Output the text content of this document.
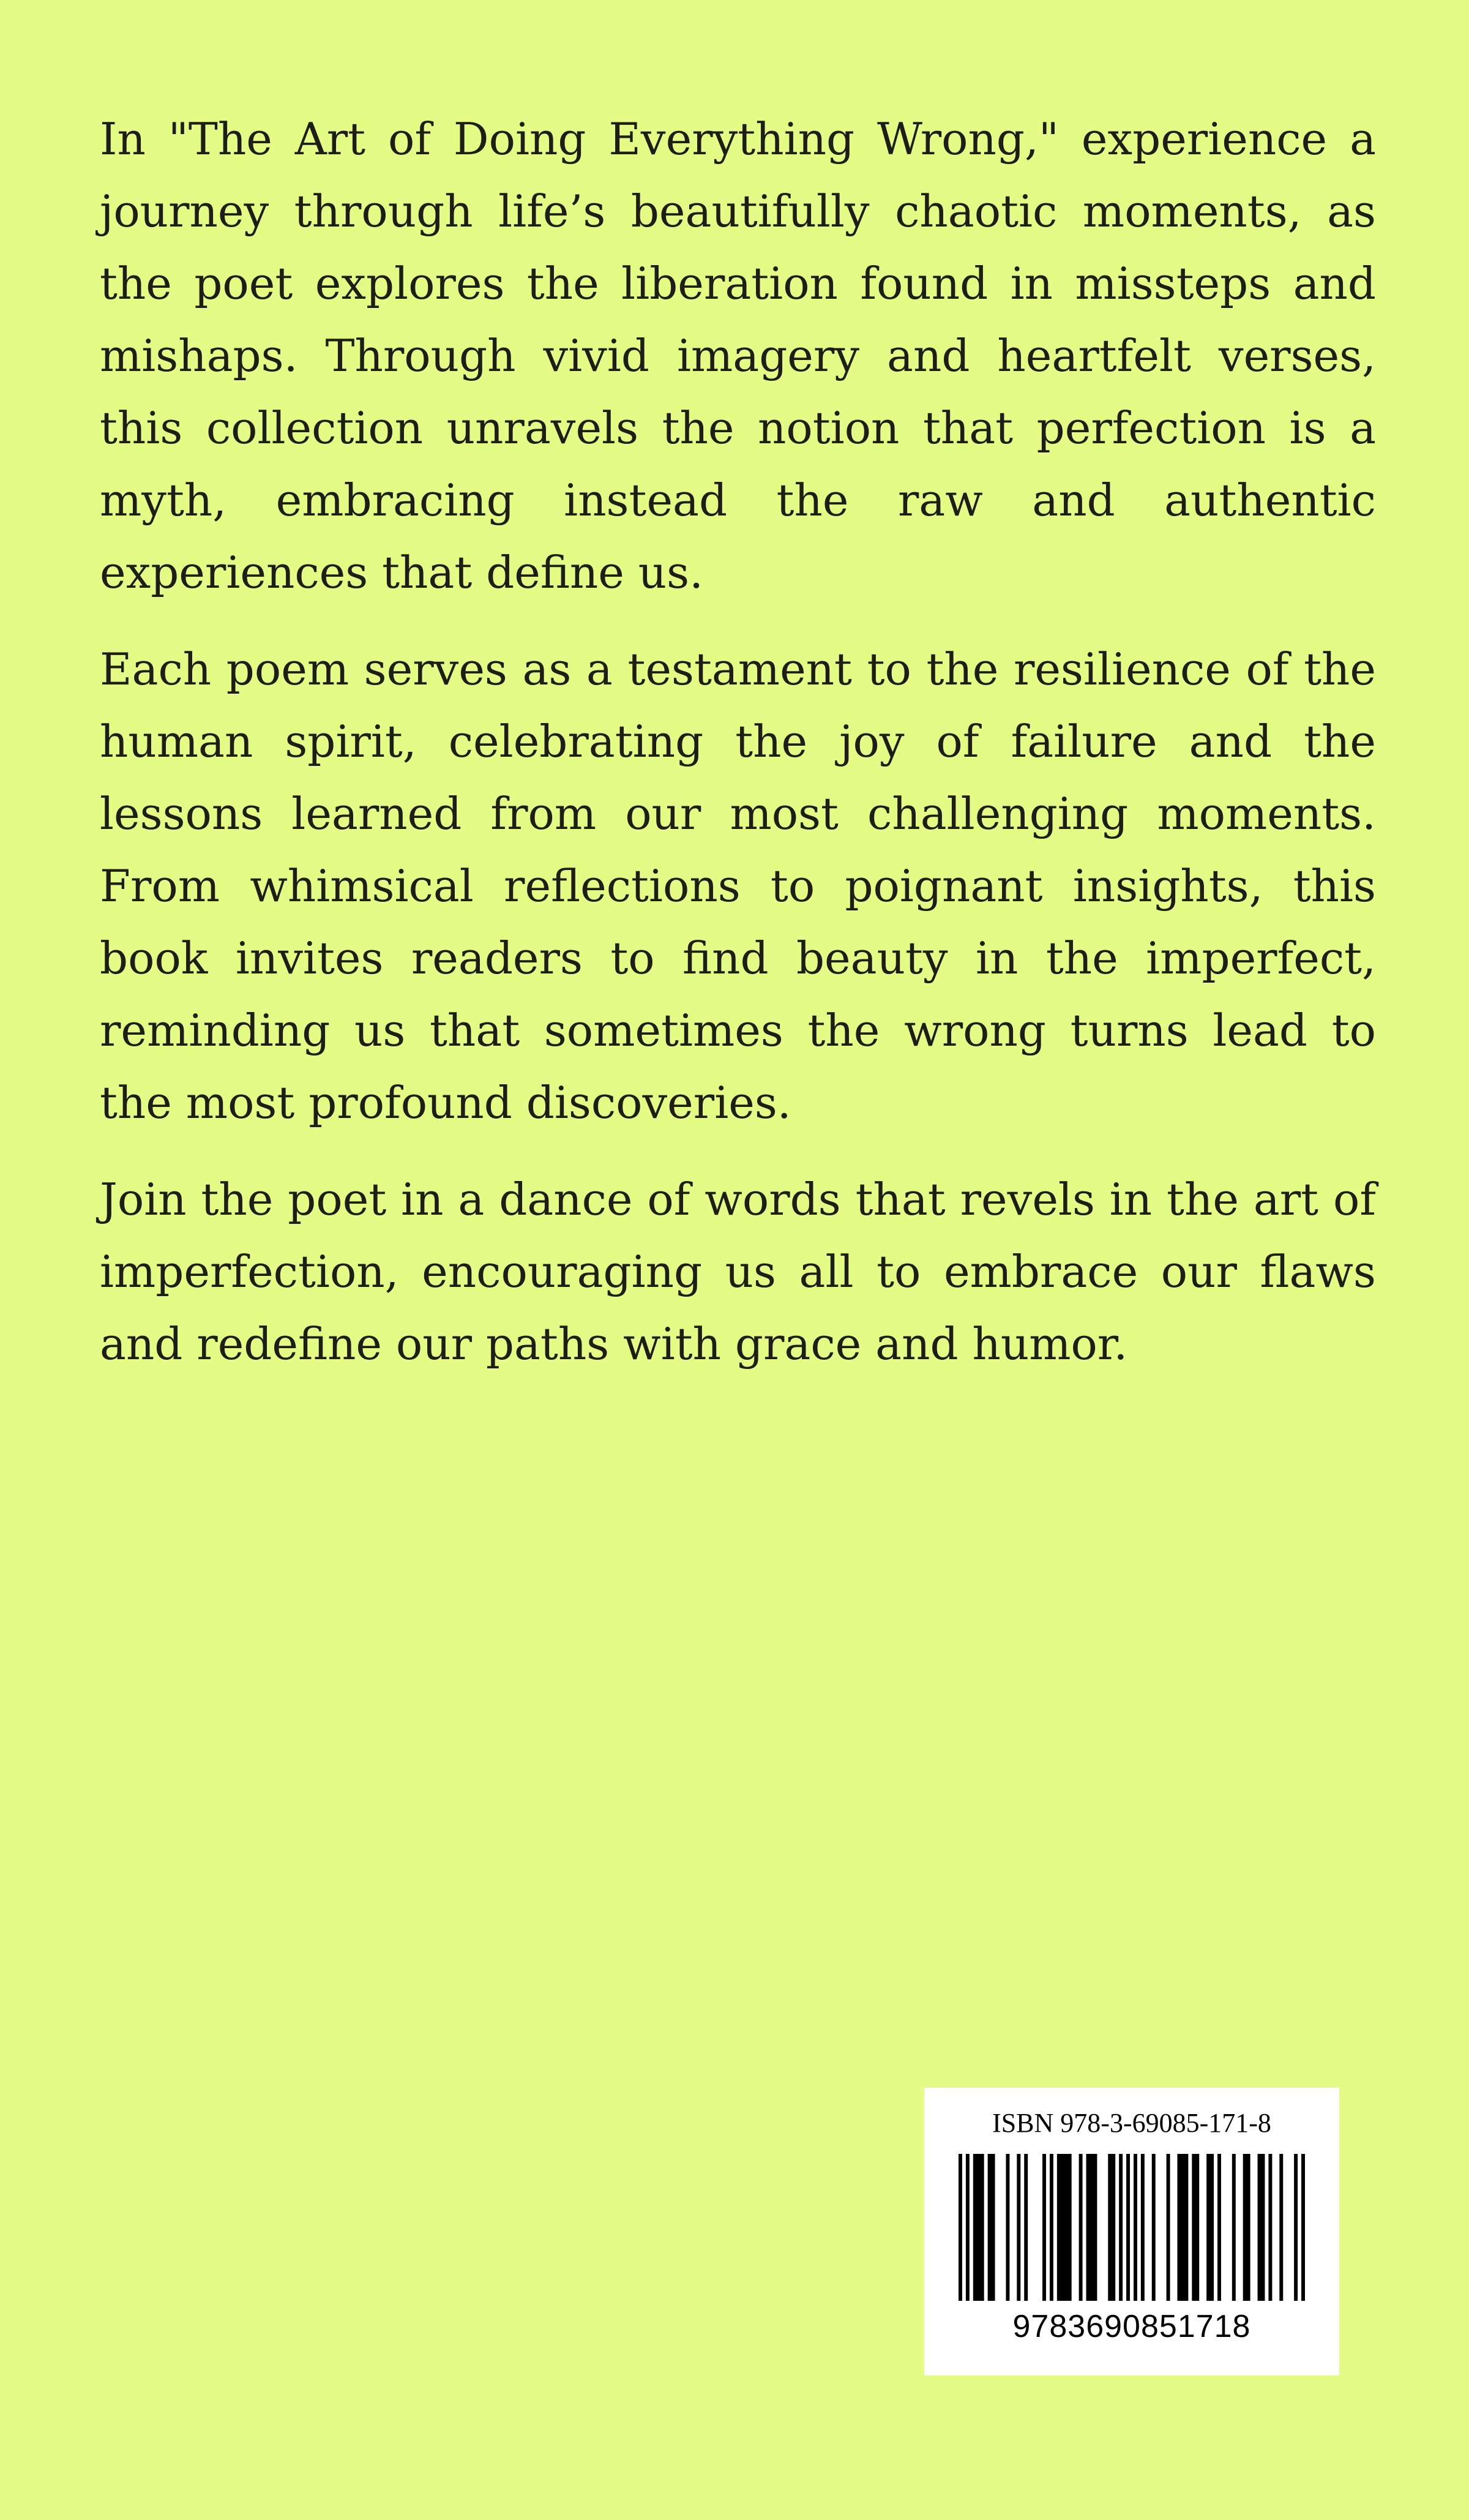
In "The Art of Doing Everything Wrong," experience a journey through life’s beautifully chaotic moments, as the poet explores the liberation found in missteps and mishaps. Through vivid imagery and heartfelt verses, this collection unravels the notion that perfection is a myth, embracing instead the raw and authentic experiences that define us.

Each poem serves as a testament to the resilience of the human spirit, celebrating the joy of failure and the lessons learned from our most challenging moments. From whimsical reflections to poignant insights, this book invites readers to find beauty in the imperfect, reminding us that sometimes the wrong turns lead to the most profound discoveries.

Join the poet in a dance of words that revels in the art of imperfection, encouraging us all to embrace our flaws and redefine our paths with grace and humor.

ISBN 978-3-69085-171-8
9783690851718
